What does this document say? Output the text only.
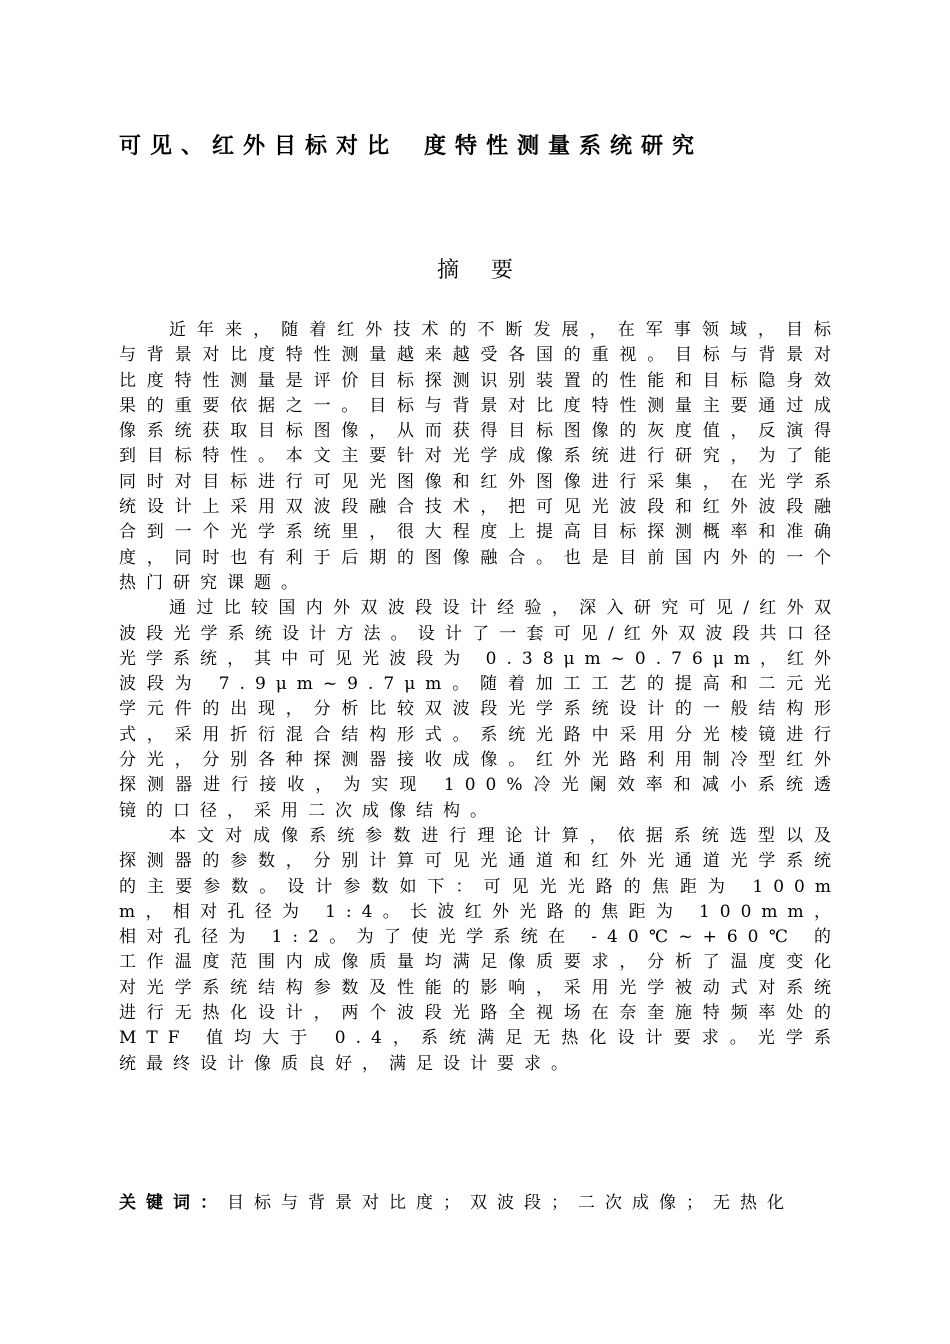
可见、红外目标对比 度特性测量系统研究
摘要

近年来，随着红外技术的不断发展，在军事领域，目标与背景对比度特性测量越来越受各国的重视。目标与背景对比度特性测量是评价目标探测识别装置的性能和目标隐身效果的重要依据之一。目标与背景对比度特性测量主要通过成像系统获取目标图像，从而获得目标图像的灰度值，反演得到目标特性。本文主要针对光学成像系统进行研究，为了能同时对目标进行可见光图像和红外图像进行采集，在光学系统设计上采用双波段融合技术，把可见光波段和红外波段融合到一个光学系统里，很大程度上提高目标探测概率和准确度，同时也有利于后期的图像融合。也是目前国内外的一个热门研究课题。

通过比较国内外双波段设计经验，深入研究可见/红外双波段光学系统设计方法。设计了一套可见/红外双波段共口径光学系统，其中可见光波段为 0.38μm~0.76μm，红外波段为 7.9μm~9.7μm。随着加工工艺的提高和二元光学元件的出现，分析比较双波段光学系统设计的一般结构形式，采用折衍混合结构形式。系统光路中采用分光棱镜进行分光，分别各种探测器接收成像。红外光路利用制冷型红外探测器进行接收，为实现 100%冷光阑效率和减小系统透镜的口径，采用二次成像结构。

本文对成像系统参数进行理论计算，依据系统选型以及探测器的参数，分别计算可见光通道和红外光通道光学系统的主要参数。设计参数如下：可见光光路的焦距为 100mm，相对孔径为 1:4。长波红外光路的焦距为 100mm，相对孔径为 1:2。为了使光学系统在 -40℃~+60℃ 的工作温度范围内成像质量均满足像质要求，分析了温度变化对光学系统结构参数及性能的影响，采用光学被动式对系统进行无热化设计，两个波段光路全视场在奈奎施特频率处的 MTF 值均大于 0.4，系统满足无热化设计要求。光学系统最终设计像质良好，满足设计要求。

关键词：目标与背景对比度；双波段；二次成像；无热化
